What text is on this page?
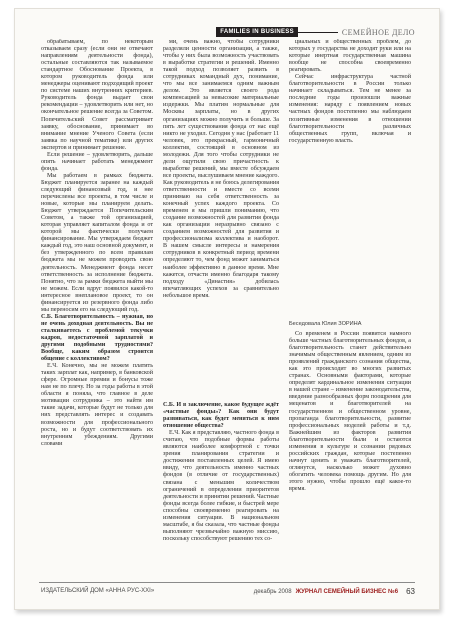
FAMILIES IN BUSINESS	СЕМЕЙНОЕ ДЕЛО

обрабатываем, по некоторым отказываем сразу (если они не отвечают направлениям деятельности фонда), остальные составляются так называемое стандартное Обоснование Проекта, в котором руководитель фонда или менеджеры оценивают подходящий проект по системе наших внутренних критериев. Руководитель фонда выдает свои рекомендации – удовлетворить или нет, но окончательное решение всегда за Советом. Попечительский Совет рассматривает заявку, обоснование, принимает во внимание мнение Ученого Совета (если заявка по научной тематике) или других экспертов и принимает решение.

Если решение – удовлетворить, дальше опять начинает работать менеджмент фонда.

Мы работаем в рамках бюджета. Бюджет планируется заранее на каждый следующий финансовый год, и нее перечислены все проекты, в том числе и новые, которые мы планируем делать. Бюджет утверждается Попечительским Советом, а также той организацией, которая управляет капиталом фонда и от которой мы фактически получаем финансирование. Мы утверждаем бюджет каждый год, это наш основной документ, и без утвержденного по всем правилам бюджета мы не можем проводить свою деятельность. Менеджмент фонда несет ответственность за исполнение бюджета. Понятно, что за рамки бюджета выйти мы не можем. Если вдруг появился какой-то интересное внеплановое проект, то он финансируется из резервного фонда либо мы переносим его на следующий год.

С.Б. Благотворительность – нужная, но не очень доходная деятельность. Вы не сталкиваетесь с проблемой текучки кадров, недостаточной зарплатой и другими подобными трудностями? Вообще, каким образом строится общение с коллективом?

Е.Ч. Конечно, мы не можем платить таких зарплат как, например, в банковской сфере. Огромные премии и бонусы тоже нам не по плечу. Но за годы работы в этой области я поняла, что главное в деле мотивации сотрудника – это найти им такие задачи, которые будут не только для них представлять интерес и создавать возможности для профессионального роста, но и будут соответствовать их внутренним убеждениям. Другими словами

ми, очень важно, чтобы сотрудники разделяли ценности организации, а также, чтобы у них была возможность участвовать в выработке стратегии и решений. Именно такой подход позволяет развить в сотрудниках командный дух, понимание, что мы все занимаемся одним важным делом. Это является своего рода компенсацией за невысокие материальные издержки. Мы платим нормальные для Москвы зарплаты, но в других организациях можно получить и больше. За пять лет существования фонда от нас ещё никто не уходил. Сегодня у нас (работает 11 человек, это прекрасный, гармоничный коллектив, состоящий в основном из молодежи. Для того чтобы сотрудники не дели ощутили свою причастность к выработке решений, мы вместе обсуждаем все проекты, выслушиваем мнение каждого. Как руководитель я не боюсь делегирования ответственности и вместе со всеми принимаю на себя ответственность за конечный успех каждого проекта. Со временем я мы пришли пониманию, что создание возможностей для развития фонда как организации неразрывно связано с созданием возможностей для развития и профессионализма коллектива и наоборот. В нашем смысле интересы и намерения сотрудников в конкретный период времени определяют то, чем фонд может заниматься наиболее эффективно в данное время. Мне кажется, отчасти именно благодаря такому подходу «Династия» добилась впечатляющих успехов за сравнительно небольшое время.

С.Б. И в заключение, какое будущее ждёт «частные фонды»? Как они будут развиваться, как будет меняться к ним отношение общества?

Е.Ч. Как я представляю, частного фонда в считаю, что подобные формы работы являются наиболее комфортной с точки зрения планирования стратегии и достижения поставленных целей. Я имею ввиду, что деятельность именно частных фондов (в отличие от государственных) связана с меньшим количеством ограничений в определении приоритетов деятельности и принятии решений. Частные фонды всегда более гибкие, и быстрей мере способны своевременно реагировать на изменения ситуации. В национальном масштабе, я бы сказала, что частные фонды выполняют чрезвычайно важную миссию, поскольку способствуют решению тех со-

циальных и общественных проблем, до которых у государства не доходят руки или на которые инертная государственная машина вообще не способна своевременно реагировать.

Сейчас инфраструктура частной благотворительности в России только начинает складываться. Тем не менее за последние годы произошли важные изменения: наряду с появлением новых частных фондов постепенно мы наблюдаем позитивные изменения в отношении благотворительности различных общественных групп, включая и государственную власть.

Беседовала Юлия ЗОРИНА

Со временем в России появится намного больше частных благотворительных фондов, а благотворительность станет действительно значимым общественным явлением, одним из проявлений гражданского сознания общества, как это происходит во многих развитых странах. Основными факторами, которые определят кардинальное изменения ситуации в нашей стране – изменение законодательства, введение разнообразных форм поощрения для меценатов и благотворителей на государственном и общественном уровне, пропаганда благотворительности, развитие профессиональных моделей работы и т.д. Важнейшим из факторов развития благотворительности были и остаются изменения в культуре и сознании рядовых российских граждан, которые постепенно начнут ценить и уважать благотворителей, оглянутся, насколько может духовно обогатить человека помощь другим. Но для этого нужно, чтобы прошло ещё какое-то время.

ИЗДАТЕЛЬСКИЙ ДОМ «АННА РУС-XXI»	декабрь 2008 ЖУРНАЛ СЕМЕЙНЫЙ БИЗНЕС №6 63
